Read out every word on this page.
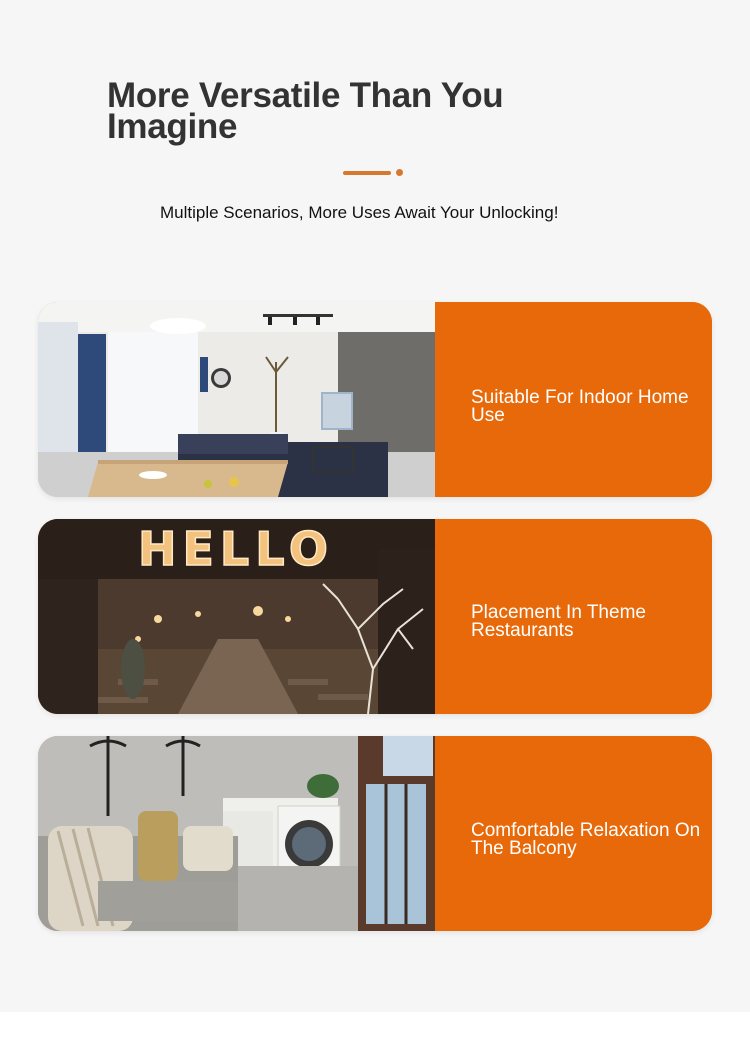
More Versatile Than You Imagine

Multiple Scenarios, More Uses Await Your Unlocking!

Suitable For Indoor Home Use
HELLO
Placement In Theme Restaurants
Comfortable Relaxation On The Balcony
